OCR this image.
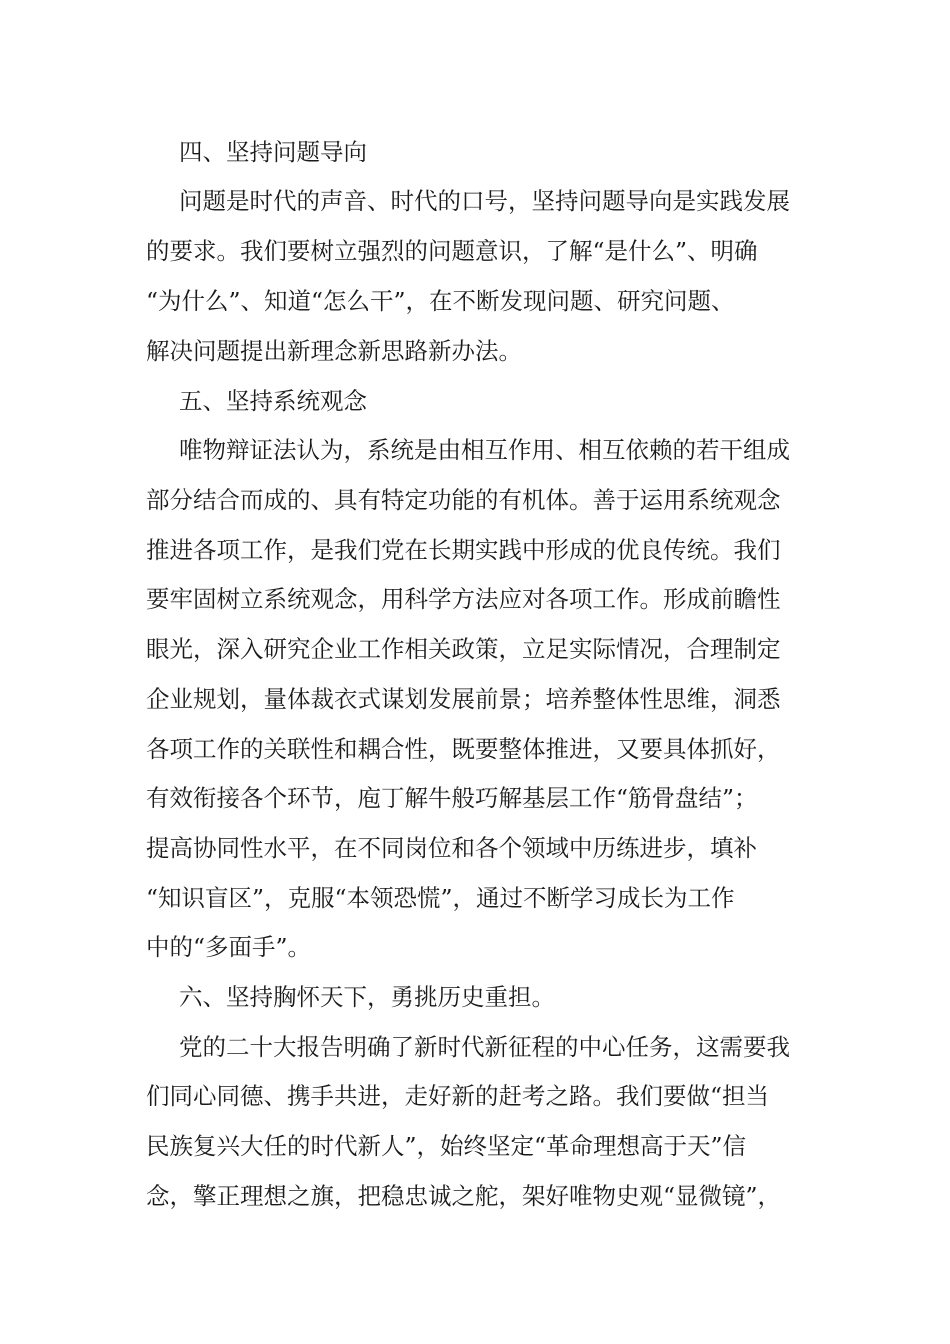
四、坚持问题导向
问题是时代的声音、时代的口号，坚持问题导向是实践发展
的要求。我们要树立强烈的问题意识，了解“是什么”、明确
“为什么”、知道“怎么干”，在不断发现问题、研究问题、
解决问题提出新理念新思路新办法。
五、坚持系统观念
唯物辩证法认为，系统是由相互作用、相互依赖的若干组成
部分结合而成的、具有特定功能的有机体。善于运用系统观念
推进各项工作，是我们党在长期实践中形成的优良传统。我们
要牢固树立系统观念，用科学方法应对各项工作。形成前瞻性
眼光，深入研究企业工作相关政策，立足实际情况，合理制定
企业规划，量体裁衣式谋划发展前景；培养整体性思维，洞悉
各项工作的关联性和耦合性，既要整体推进，又要具体抓好，
有效衔接各个环节，庖丁解牛般巧解基层工作“筋骨盘结”；
提高协同性水平，在不同岗位和各个领域中历练进步，填补
“知识盲区”，克服“本领恐慌”，通过不断学习成长为工作
中的“多面手”。
六、坚持胸怀天下，勇挑历史重担。
党的二十大报告明确了新时代新征程的中心任务，这需要我
们同心同德、携手共进，走好新的赶考之路。我们要做“担当
民族复兴大任的时代新人”，始终坚定“革命理想高于天”信
念，擎正理想之旗，把稳忠诚之舵，架好唯物史观“显微镜”，
